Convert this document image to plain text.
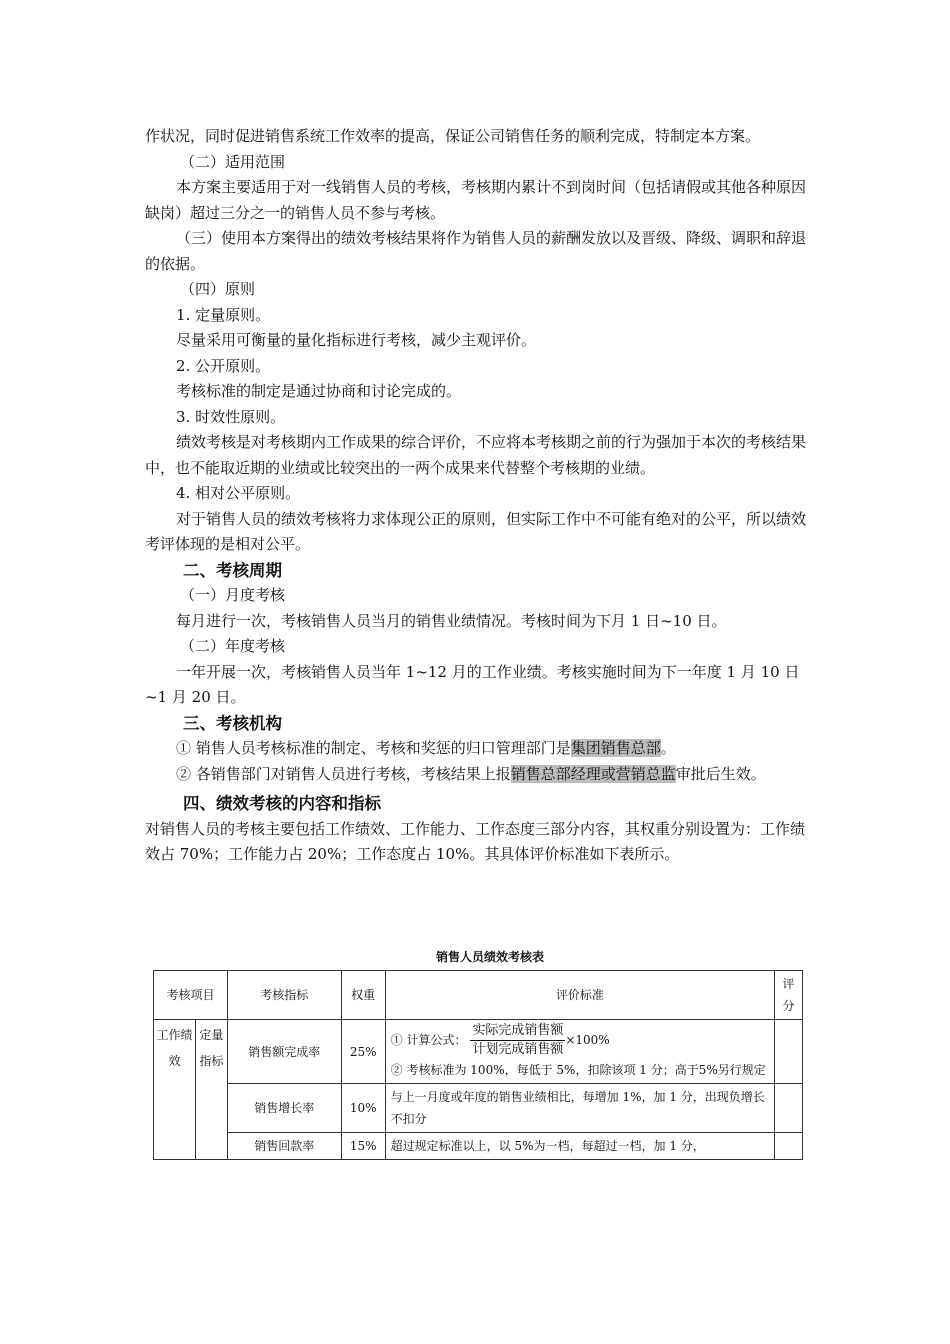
作状况，同时促进销售系统工作效率的提高，保证公司销售任务的顺利完成，特制定本方案。

（二）适用范围

本方案主要适用于对一线销售人员的考核，考核期内累计不到岗时间（包括请假或其他各种原因缺岗）超过三分之一的销售人员不参与考核。

（三）使用本方案得出的绩效考核结果将作为销售人员的薪酬发放以及晋级、降级、调职和辞退的依据。

（四）原则

1. 定量原则。

尽量采用可衡量的量化指标进行考核，减少主观评价。

2. 公开原则。

考核标准的制定是通过协商和讨论完成的。

3. 时效性原则。

绩效考核是对考核期内工作成果的综合评价，不应将本考核期之前的行为强加于本次的考核结果中，也不能取近期的业绩或比较突出的一两个成果来代替整个考核期的业绩。

4. 相对公平原则。

对于销售人员的绩效考核将力求体现公正的原则，但实际工作中不可能有绝对的公平，所以绩效考评体现的是相对公平。

二、考核周期

（一）月度考核

每月进行一次，考核销售人员当月的销售业绩情况。考核时间为下月 1 日~10 日。

（二）年度考核

一年开展一次，考核销售人员当年 1~12 月的工作业绩。考核实施时间为下一年度 1 月 10 日~1 月 20 日。

三、考核机构

① 销售人员考核标准的制定、考核和奖惩的归口管理部门是集团销售总部。

② 各销售部门对销售人员进行考核，考核结果上报销售总部经理或营销总监审批后生效。

四、绩效考核的内容和指标

对销售人员的考核主要包括工作绩效、工作能力、工作态度三部分内容，其权重分别设置为：工作绩效占 70%；工作能力占 20%；工作态度占 10%。其具体评价标准如下表所示。

销售人员绩效考核表
考核项目		考核指标	权重	评价标准	评分
工作绩效	定量指标	销售额完成率	25%	① 计算公式： $\frac{\text{实际完成销售额}}{\text{计划完成销售额}} \times 100\%$
② 考核标准为 100%，每低于 5%，扣除该项 1 分；高于5%另行规定	

		销售增长率	10%	与上一月度或年度的销售业绩相比，每增加 1%，加 1 分，出现负增长不扣分	
		销售回款率	15%	超过规定标准以上，以 5%为一档，每超过一档，加 1 分，	
